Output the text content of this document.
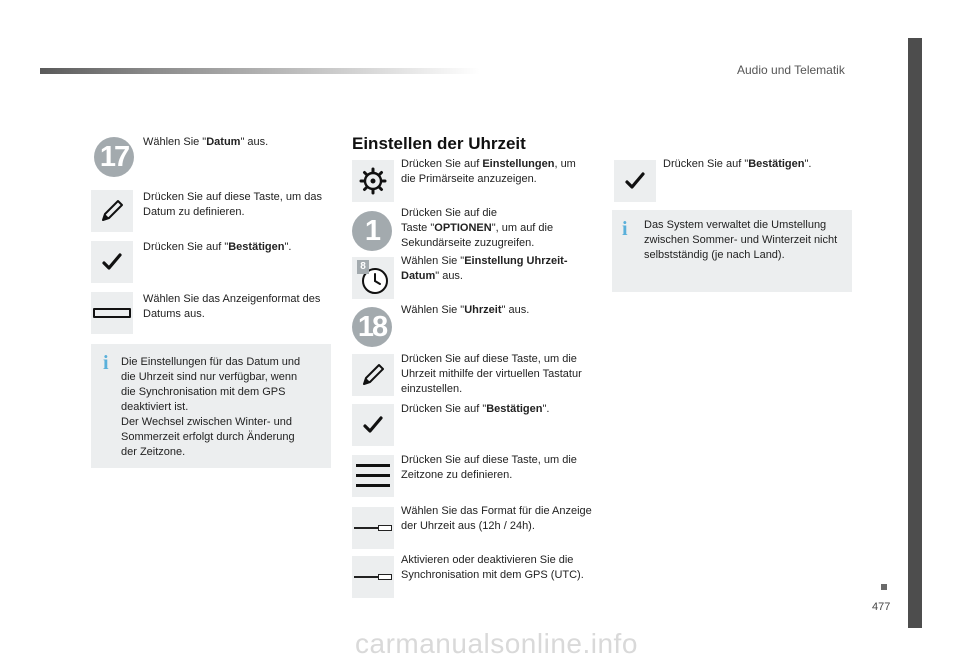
Audio und Telematik
477
carmanualsonline.info
17	Wählen Sie "Datum" aus.
Drücken Sie auf diese Taste, um das Datum zu definieren.
Drücken Sie auf "Bestätigen".
Wählen Sie das Anzeigenformat des Datums aus.
i Die Einstellungen für das Datum und
die Uhrzeit sind nur verfügbar, wenn
die Synchronisation mit dem GPS
deaktiviert ist.
Der Wechsel zwischen Winter- und
Sommerzeit erfolgt durch Änderung
der Zeitzone.
Einstellen der Uhrzeit
Drücken Sie auf Einstellungen, um die Primärseite anzuzeigen.
1
Drücken Sie auf die
Taste "OPTIONEN", um auf die Sekundärseite zuzugreifen.
8	Wählen Sie "Einstellung Uhrzeit-Datum" aus.
18
Wählen Sie "Uhrzeit" aus.
Drücken Sie auf diese Taste, um die Uhrzeit mithilfe der virtuellen Tastatur einzustellen.
Drücken Sie auf "Bestätigen".
Drücken Sie auf diese Taste, um die Zeitzone zu definieren.
Wählen Sie das Format für die Anzeige der Uhrzeit aus (12h / 24h).
Aktivieren oder deaktivieren Sie die Synchronisation mit dem GPS (UTC).
Drücken Sie auf "Bestätigen".
i Das System verwaltet die Umstellung
zwischen Sommer- und Winterzeit nicht
selbstständig (je nach Land).
